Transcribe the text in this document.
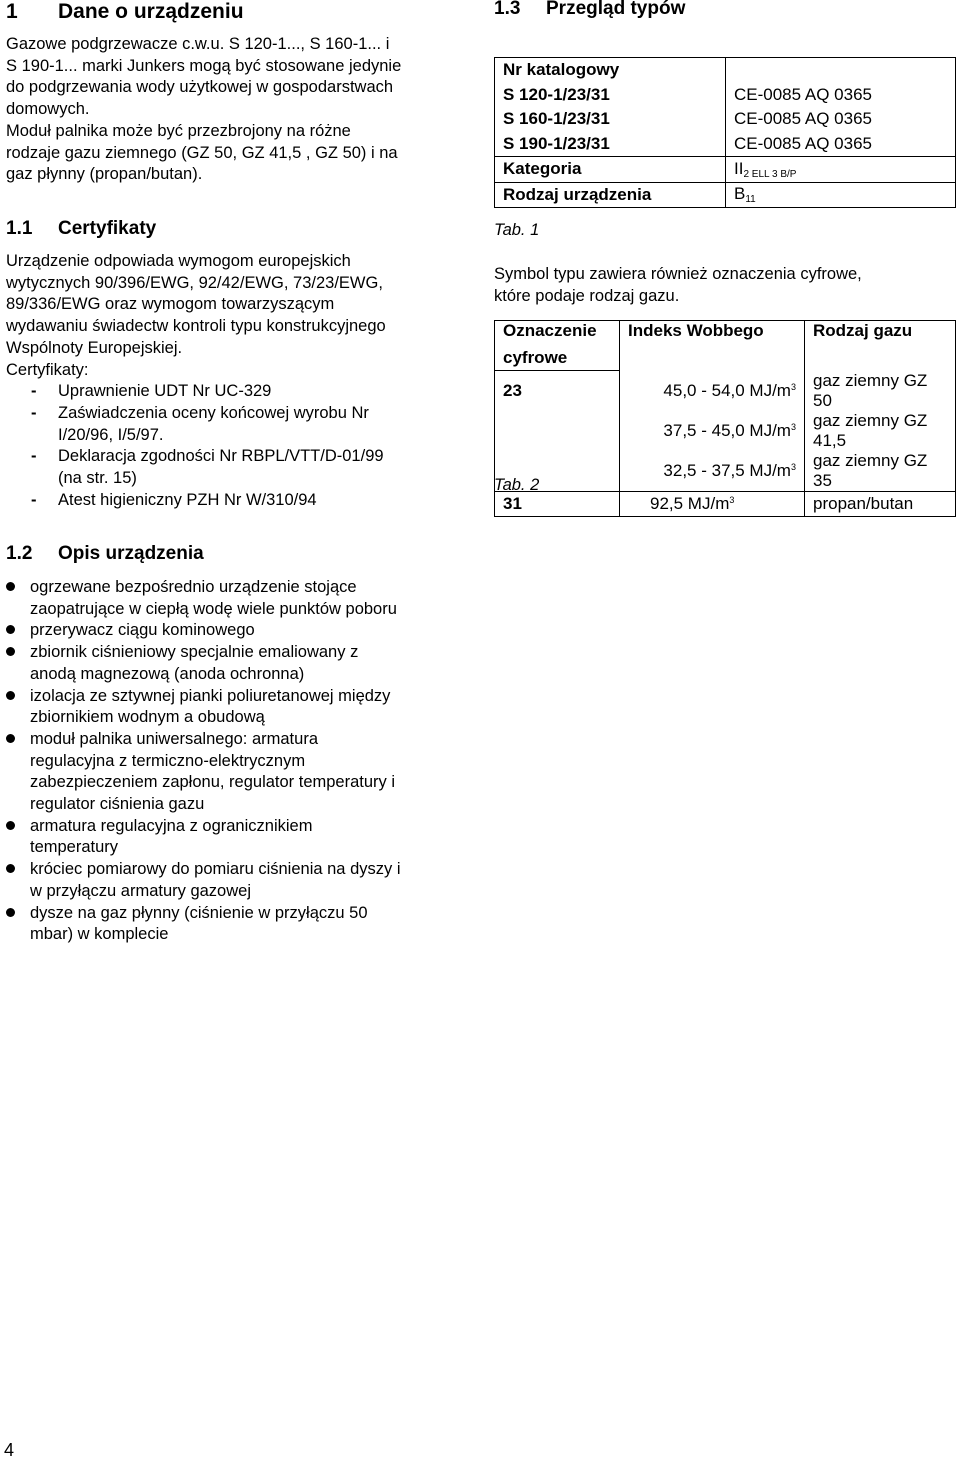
1 Dane o urządzeniu
Gazowe podgrzewacze c.w.u. S 120-1..., S 160-1... i
S 190-1... marki Junkers mogą być stosowane jedynie
do podgrzewania wody użytkowej w gospodarstwach
domowych.
Moduł palnika może być przezbrojony na różne
rodzaje gazu ziemnego (GZ 50, GZ 41,5 , GZ 50) i na
gaz płynny (propan/butan).
1.1 Certyfikaty
Urządzenie odpowiada wymogom europejskich
wytycznych 90/396/EWG, 92/42/EWG, 73/23/EWG,
89/336/EWG oraz wymogom towarzyszącym
wydawaniu świadectw kontroli typu konstrukcyjnego
Wspólnoty Europejskiej.
Certyfikaty:
- Uprawnienie UDT Nr UC-329
- Zaświadczenia oceny końcowej wyrobu Nr
I/20/96, I/5/97.
- Deklaracja zgodności Nr RBPL/VTT/D-01/99
(na str. 15)
- Atest higieniczny PZH Nr W/310/94
1.2 Opis urządzenia
ogrzewane bezpośrednio urządzenie stojące
zaopatrujące w ciepłą wodę wiele punktów poboru
przerywacz ciągu kominowego
zbiornik ciśnieniowy specjalnie emaliowany z
anodą magnezową (anoda ochronna)
izolacja ze sztywnej pianki poliuretanowej między
zbiornikiem wodnym a obudową
moduł palnika uniwersalnego: armatura
regulacyjna z termiczno-elektrycznym
zabezpieczeniem zapłonu, regulator temperatury i
regulator ciśnienia gazu
armatura regulacyjna z ogranicznikiem
temperatury
króciec pomiarowy do pomiaru ciśnienia na dyszy i
w przyłączu armatury gazowej
dysze na gaz płynny (ciśnienie w przyłączu 50
mbar) w komplecie
1.3 Przegląd typów
Nr katalogowy	
S 120-1/23/31	CE-0085 AQ 0365
S 160-1/23/31	CE-0085 AQ 0365
S 190-1/23/31	CE-0085 AQ 0365
Kategoria	$II_{2 ELL 3 B/P}$
Rodzaj urządzenia	$B_{11}$
Tab. 1
Symbol typu zawiera również oznaczenia cyfrowe,
które podaje rodzaj gazu.
Oznaczenie	Indeks Wobbego	Rodzaj gazu
cyfrowe		
23	45,0 - 54,0 $MJ/m^3$	gaz ziemny GZ 50
	37,5 - 45,0 $MJ/m^3$	gaz ziemny GZ 41,5
	32,5 - 37,5 $MJ/m^3$	gaz ziemny GZ 35
31	92,5 $MJ/m^3$	propan/butan
Tab. 2
4
